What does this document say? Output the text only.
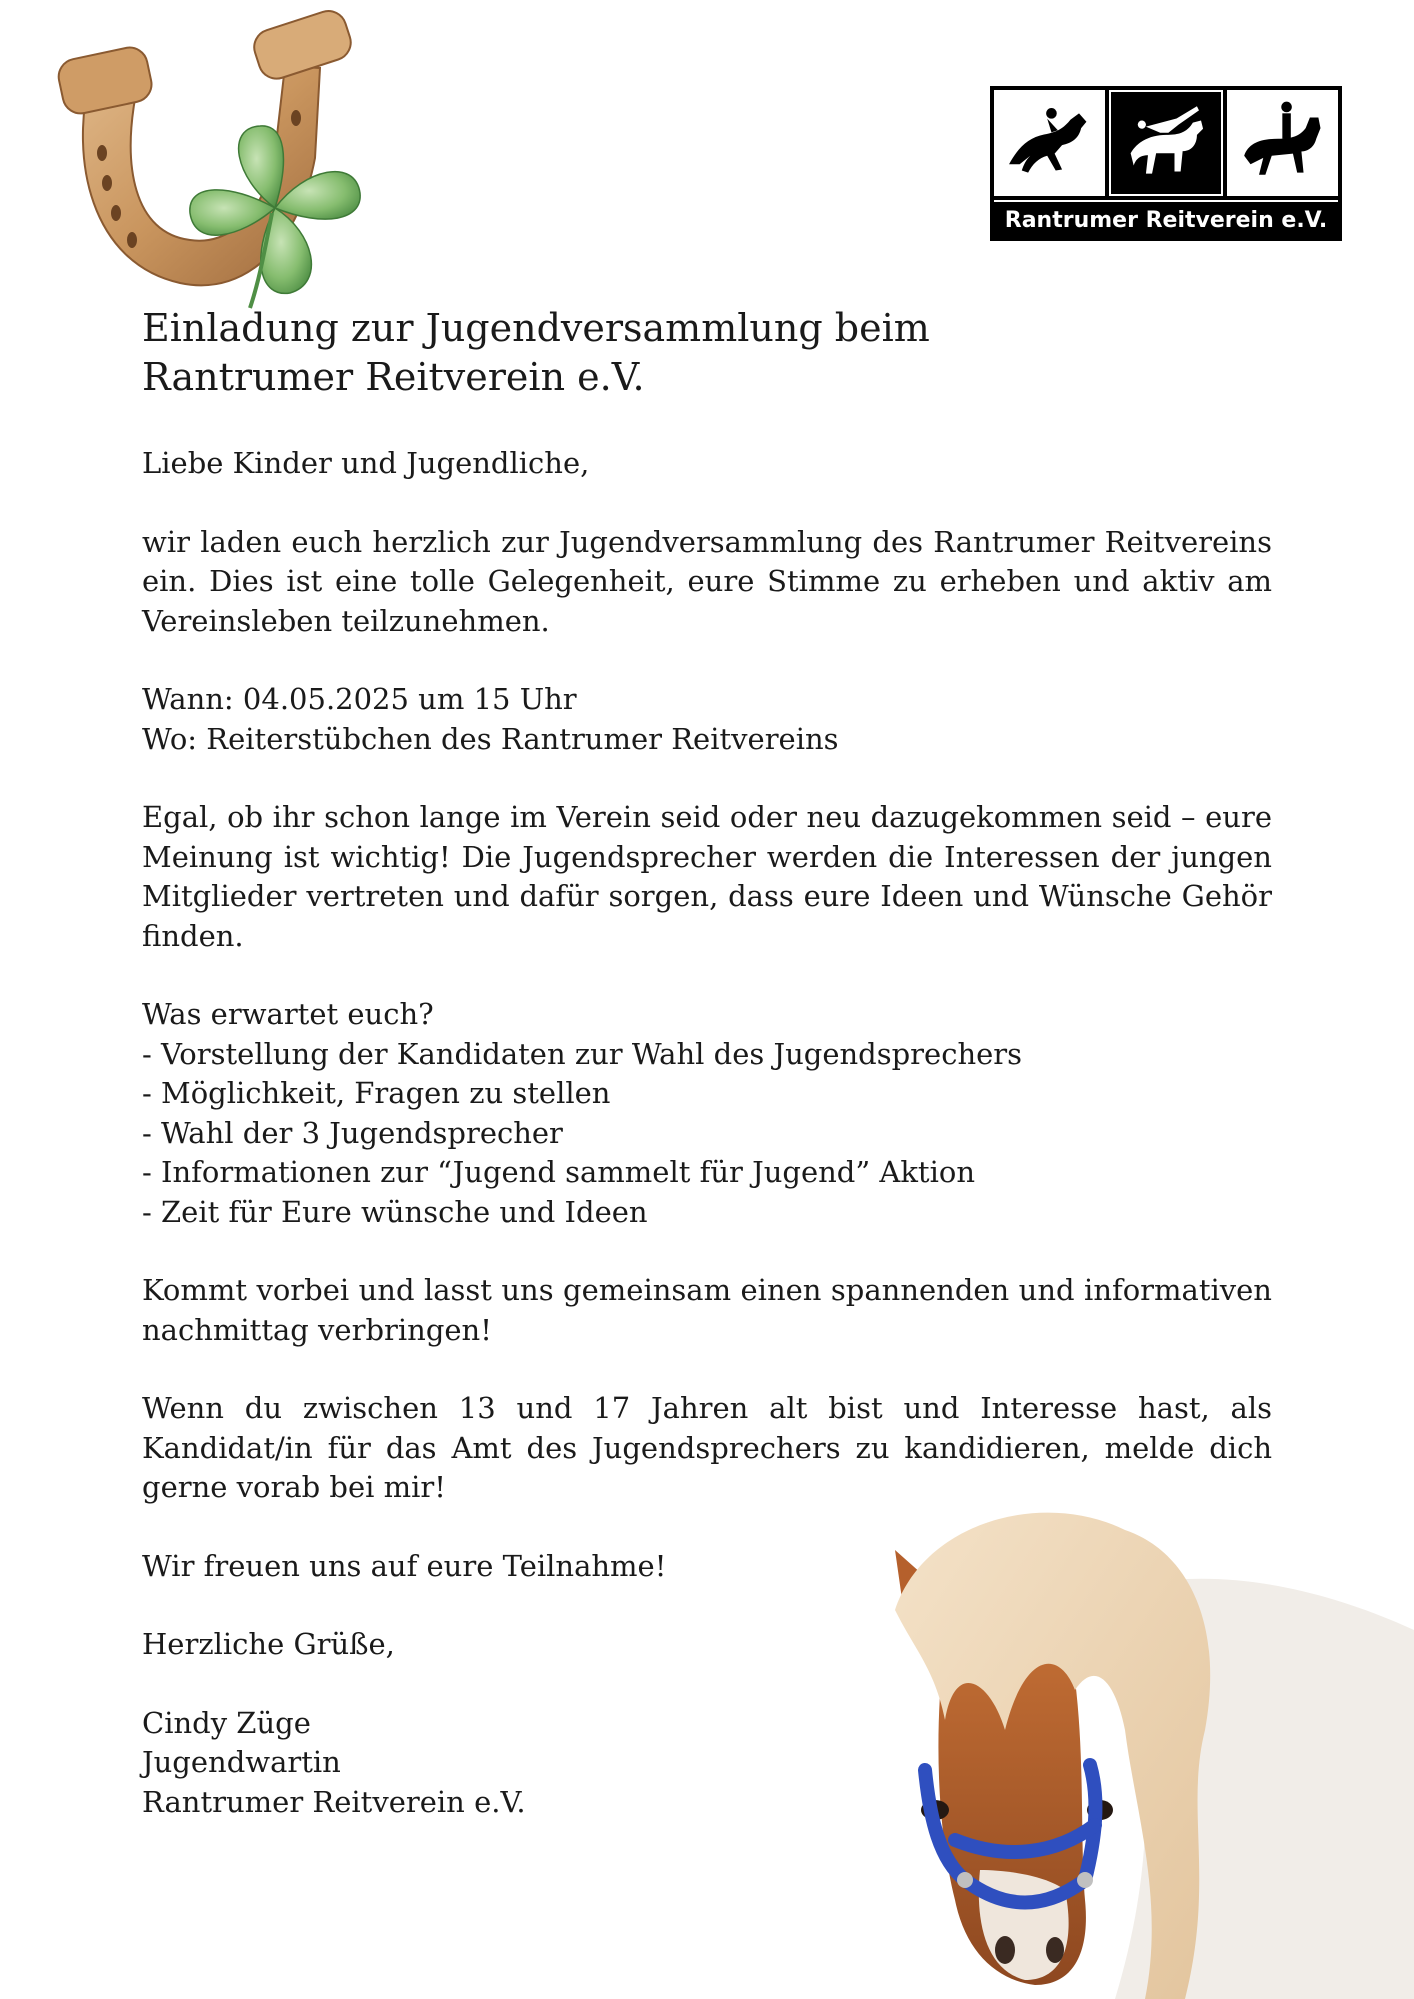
Rantrumer Reitverein e.V.
Einladung zur Jugendversammlung beim
Rantrumer Reitverein e.V.

Liebe Kinder und Jugendliche,

wir laden euch herzlich zur Jugendversammlung des Rantrumer Reitvereins ein. Dies ist eine tolle Gelegenheit, eure Stimme zu erheben und aktiv am Vereinsleben teilzunehmen.

Wann: 04.05.2025 um 15 Uhr
Wo: Reiterstübchen des Rantrumer Reitvereins

Egal, ob ihr schon lange im Verein seid oder neu dazugekommen seid – eure Meinung ist wichtig! Die Jugendsprecher werden die Interessen der jungen Mitglieder vertreten und dafür sorgen, dass eure Ideen und Wünsche Gehör finden.

Was erwartet euch?
- Vorstellung der Kandidaten zur Wahl des Jugendsprechers
- Möglichkeit, Fragen zu stellen
- Wahl der 3 Jugendsprecher
- Informationen zur “Jugend sammelt für Jugend” Aktion
- Zeit für Eure wünsche und Ideen

Kommt vorbei und lasst uns gemeinsam einen spannenden und informativen nachmittag verbringen!

Wenn du zwischen 13 und 17 Jahren alt bist und Interesse hast, als Kandidat/in für das Amt des Jugendsprechers zu kandidieren, melde dich gerne vorab bei mir!

Wir freuen uns auf eure Teilnahme!

Herzliche Grüße,

Cindy Züge
Jugendwartin
Rantrumer Reitverein e.V.
